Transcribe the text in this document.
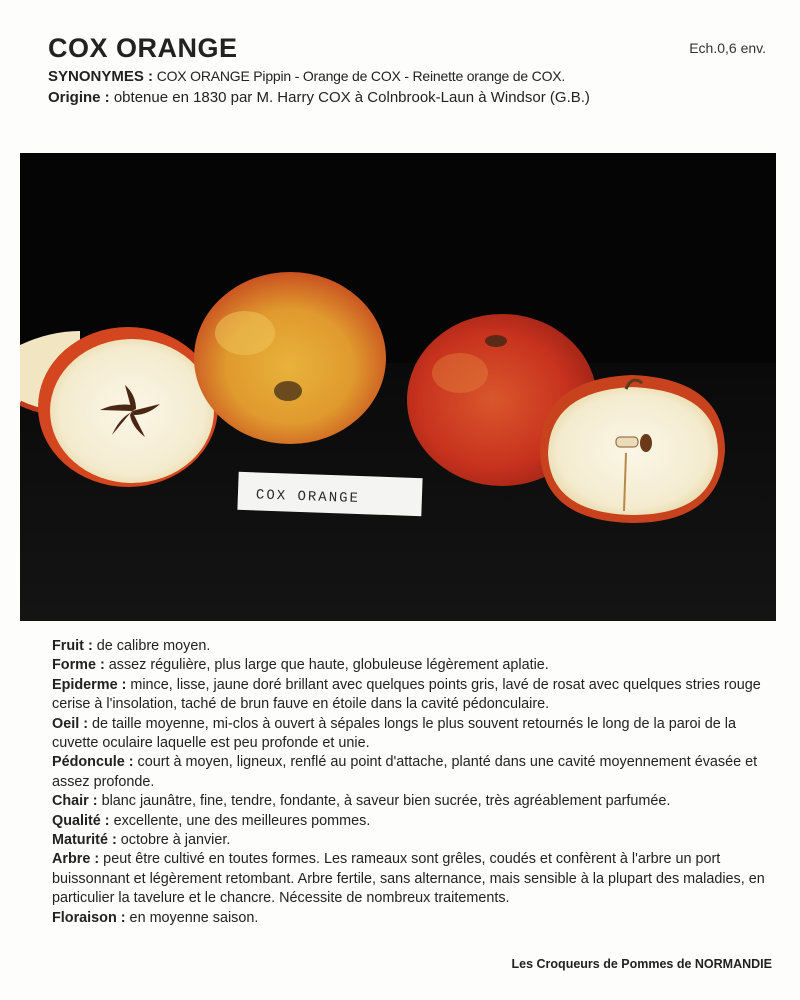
COX ORANGE	Ech.0,6 env.
SYNONYMES : COX ORANGE Pippin - Orange de COX - Reinette orange de COX.
Origine : obtenue en 1830 par M. Harry COX à Colnbrook-Laun à Windsor (G.B.)
COX ORANGE

Fruit : de calibre moyen.

Forme : assez régulière, plus large que haute, globuleuse légèrement aplatie.

Epiderme : mince, lisse, jaune doré brillant avec quelques points gris, lavé de rosat avec quelques stries rouge cerise à l'insolation, taché de brun fauve en étoile dans la cavité pédonculaire.

Oeil : de taille moyenne, mi-clos à ouvert à sépales longs le plus souvent retournés le long de la paroi de la cuvette oculaire laquelle est peu profonde et unie.

Pédoncule : court à moyen, ligneux, renflé au point d'attache, planté dans une cavité moyennement évasée et assez profonde.

Chair : blanc jaunâtre, fine, tendre, fondante, à saveur bien sucrée, très agréablement parfumée.

Qualité : excellente, une des meilleures pommes.

Maturité : octobre à janvier.

Arbre : peut être cultivé en toutes formes. Les rameaux sont grêles, coudés et confèrent à l'arbre un port buissonnant et légèrement retombant. Arbre fertile, sans alternance, mais sensible à la plupart des maladies, en particulier la tavelure et le chancre. Nécessite de nombreux traitements.

Floraison : en moyenne saison.

Les Croqueurs de Pommes de NORMANDIE
